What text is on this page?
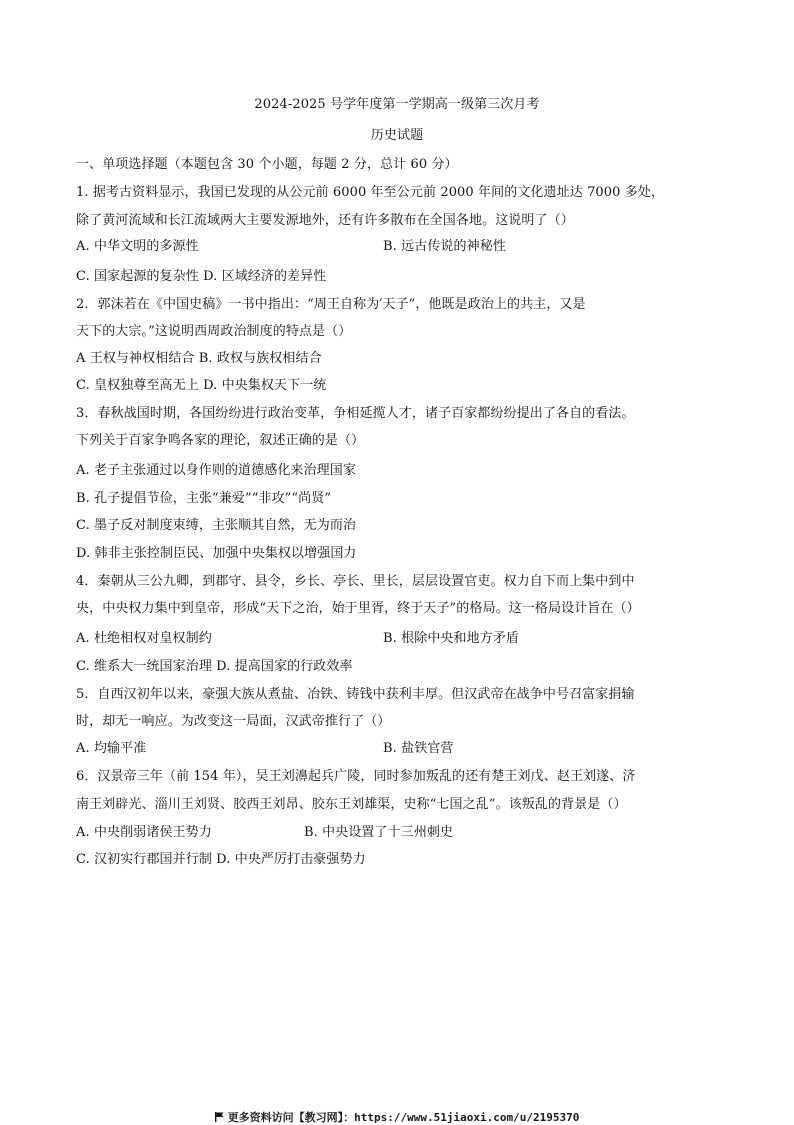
2024-2025 号学年度第一学期高一级第三次月考
历史试题
一、单项选择题（本题包含 30 个小题，每题 2 分，总计 60 分）
1. 据考古资料显示，我国已发现的从公元前 6000 年至公元前 2000 年间的文化遗址达 7000 多处，
除了黄河流域和长江流域两大主要发源地外，还有许多散布在全国各地。这说明了（）
A. 中华文明的多源性	B. 远古传说的神秘性
C. 国家起源的复杂性 D. 区域经济的差异性
2．郭沫若在《中国史稿》一书中指出：“周王自称为′天子”，他既是政治上的共主，又是
天下的大宗。”这说明西周政治制度的特点是（）
A 王权与神权相结合 B. 政权与族权相结合
C. 皇权独尊至高无上 D. 中央集权天下一统
3．春秋战国时期，各国纷纷进行政治变革，争相延揽人才，诸子百家都纷纷提出了各自的看法。
下列关于百家争鸣各家的理论，叙述正确的是（）
A. 老子主张通过以身作则的道德感化来治理国家
B. 孔子提倡节俭，主张“兼爱”“非攻”“尚贤”
C. 墨子反对制度束缚，主张顺其自然，无为而治
D. 韩非主张控制臣民、加强中央集权以增强国力
4．秦朝从三公九卿，到郡守、县令，乡长、亭长、里长，层层设置官吏。权力自下而上集中到中
央，中央权力集中到皇帝，形成“天下之治，始于里胥，终于天子”的格局。这一格局设计旨在（）
A. 杜绝相权对皇权制约	B. 根除中央和地方矛盾
C. 维系大一统国家治理 D. 提高国家的行政效率
5．自西汉初年以来，豪强大族从煮盐、冶铁、铸钱中获利丰厚。但汉武帝在战争中号召富家捐输
时，却无一响应。为改变这一局面，汉武帝推行了（）
A. 均输平准	B. 盐铁官营
6．汉景帝三年（前 154 年），吴王刘濞起兵广陵，同时参加叛乱的还有楚王刘戊、赵王刘遂、济
南王刘辟光、淄川王刘贤、胶西王刘昂、胶东王刘雄渠，史称“七国之乱”。该叛乱的背景是（）
A. 中央削弱诸侯王势力	B. 中央设置了十三州刺史
C. 汉初实行郡国并行制 D. 中央严厉打击豪强势力
更多资料访问【教习网】：https://www.51jiaoxi.com/u/2195370
